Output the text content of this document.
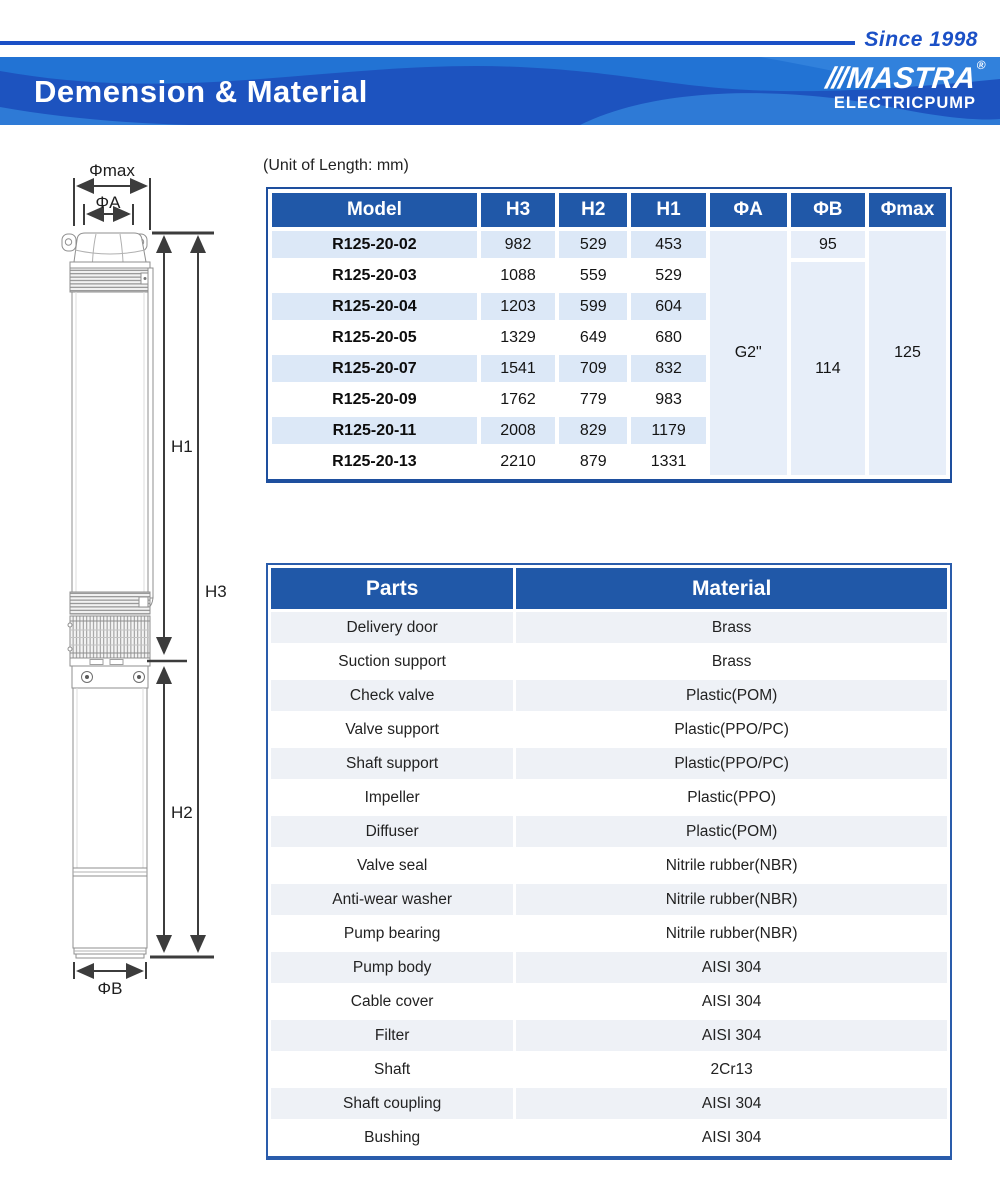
Since 1998
Demension & Material	///MASTRA®
ELECTRICPUMP
(Unit of Length: mm)
Φmax
ΦA
H1
H3
H2
ΦB
Model	H3	H2	H1	ΦA	ΦB	Φmax
R125-20-02	982	529	453	G2"	95	125
R125-20-03	1088	559	529		114	
R125-20-04	1203	599	604			
R125-20-05	1329	649	680			
R125-20-07	1541	709	832			
R125-20-09	1762	779	983			
R125-20-11	2008	829	1179			
R125-20-13	2210	879	1331			
Parts	Material
Delivery door	Brass
Suction support	Brass
Check valve	Plastic(POM)
Valve support	Plastic(PPO/PC)
Shaft support	Plastic(PPO/PC)
Impeller	Plastic(PPO)
Diffuser	Plastic(POM)
Valve seal	Nitrile rubber(NBR)
Anti-wear washer	Nitrile rubber(NBR)
Pump bearing	Nitrile rubber(NBR)
Pump body	AISI 304
Cable cover	AISI 304
Filter	AISI 304
Shaft	2Cr13
Shaft coupling	AISI 304
Bushing	AISI 304
